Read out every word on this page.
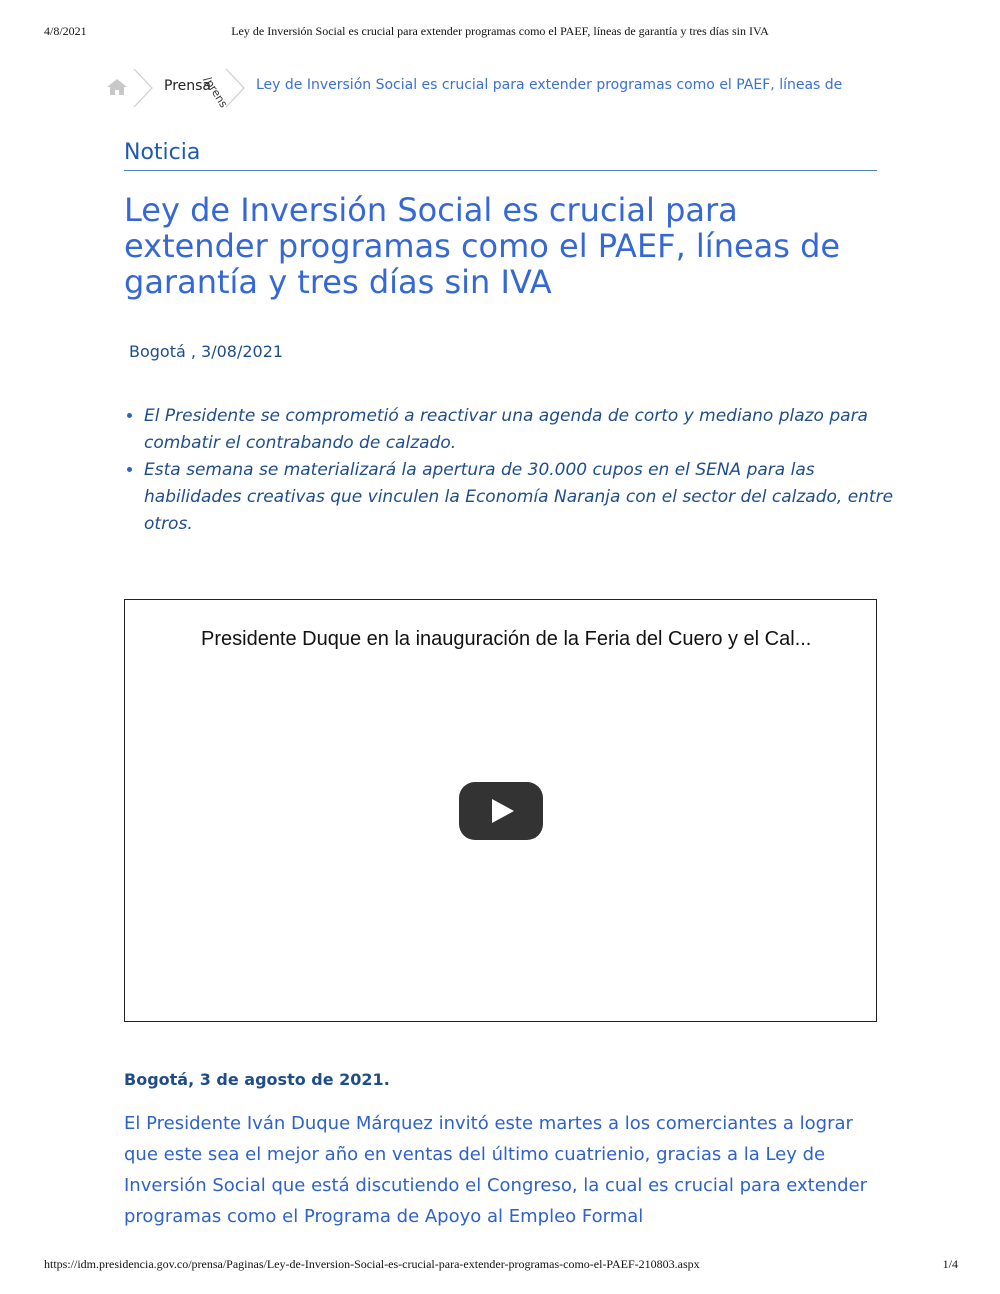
4/8/2021	Ley de Inversión Social es crucial para extender programas como el PAEF, líneas de garantía y tres días sin IVA
Prensa
/prens Ley de Inversión Social es crucial para extender programas como el PAEF, líneas de
Noticia
Ley de Inversión Social es crucial para extender programas como el PAEF, líneas de garantía y tres días sin IVA
Bogotá , 3/08/2021
• El Presidente se comprometió a reactivar una agenda de corto y mediano plazo para combatir el contrabando de calzado.
• Esta semana se materializará la apertura de 30.000 cupos en el SENA para las habilidades creativas que vinculen la Economía Naranja con el sector del calzado, entre otros.
Presidente Duque en la inauguración de la Feria del Cuero y el Cal...
Bogotá, 3 de agosto de 2021.

El Presidente Iván Duque Márquez invitó este martes a los comerciantes a lograr que este sea el mejor año en ventas del último cuatrienio, gracias a la Ley de Inversión Social que está discutiendo el Congreso, la cual es crucial para extender programas como el Programa de Apoyo al Empleo Formal

https://idm.presidencia.gov.co/prensa/Paginas/Ley-de-Inversion-Social-es-crucial-para-extender-programas-como-el-PAEF-210803.aspx	1/4
